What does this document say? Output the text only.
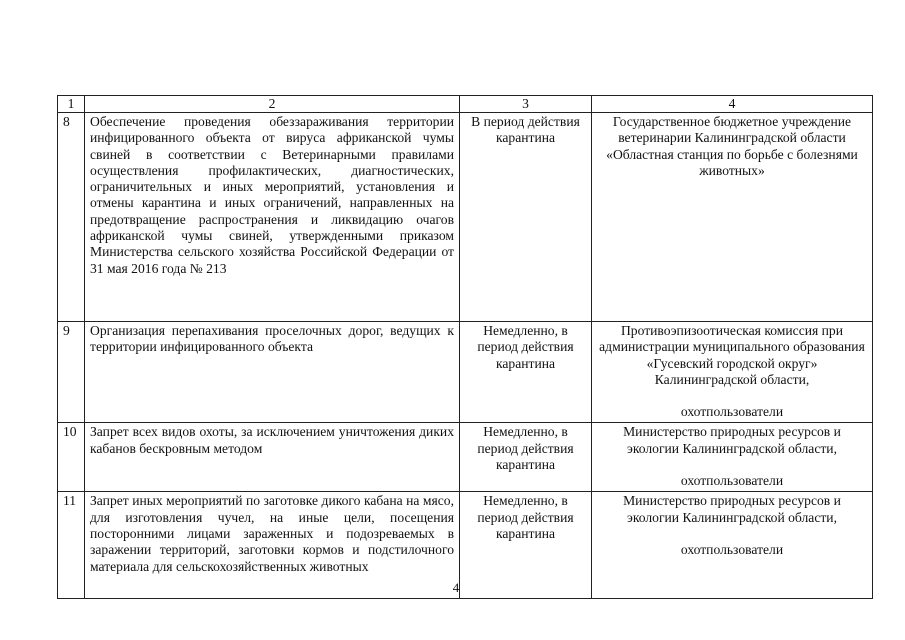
1	2	3	4
8	Обеспечение проведения обеззараживания территории инфицированного объекта от вируса африканской чумы свиней в соответствии с Ветеринарными правилами осуществления профилактических, диагностических, ограничительных и иных мероприятий, установления и отмены карантина и иных ограничений, направленных на предотвращение распространения и ликвидацию очагов африканской чумы свиней, утвержденными приказом Министерства сельского хозяйства Российской Федерации от 31 мая 2016 года № 213	В период действия карантина	Государственное бюджетное учреждение ветеринарии Калининградской области «Областная станция по борьбе с болезнями животных»
9	Организация перепахивания проселочных дорог, ведущих к территории инфицированного объекта	Немедленно, в период действия карантина	Противоэпизоотическая комиссия при администрации муниципального образования «Гусевский городской округ» Калининградской области,
охотпользователи
10	Запрет всех видов охоты, за исключением уничтожения диких кабанов бескровным методом	Немедленно, в период действия карантина	Министерство природных ресурсов и экологии Калининградской области,
охотпользователи
11	Запрет иных мероприятий по заготовке дикого кабана на мясо, для изготовления чучел, на иные цели, посещения посторонними лицами зараженных и подозреваемых в заражении территорий, заготовки кормов и подстилочного материала для сельскохозяйственных животных	Немедленно, в период действия карантина	Министерство природных ресурсов и экологии Калининградской области,
охотпользователи
4
